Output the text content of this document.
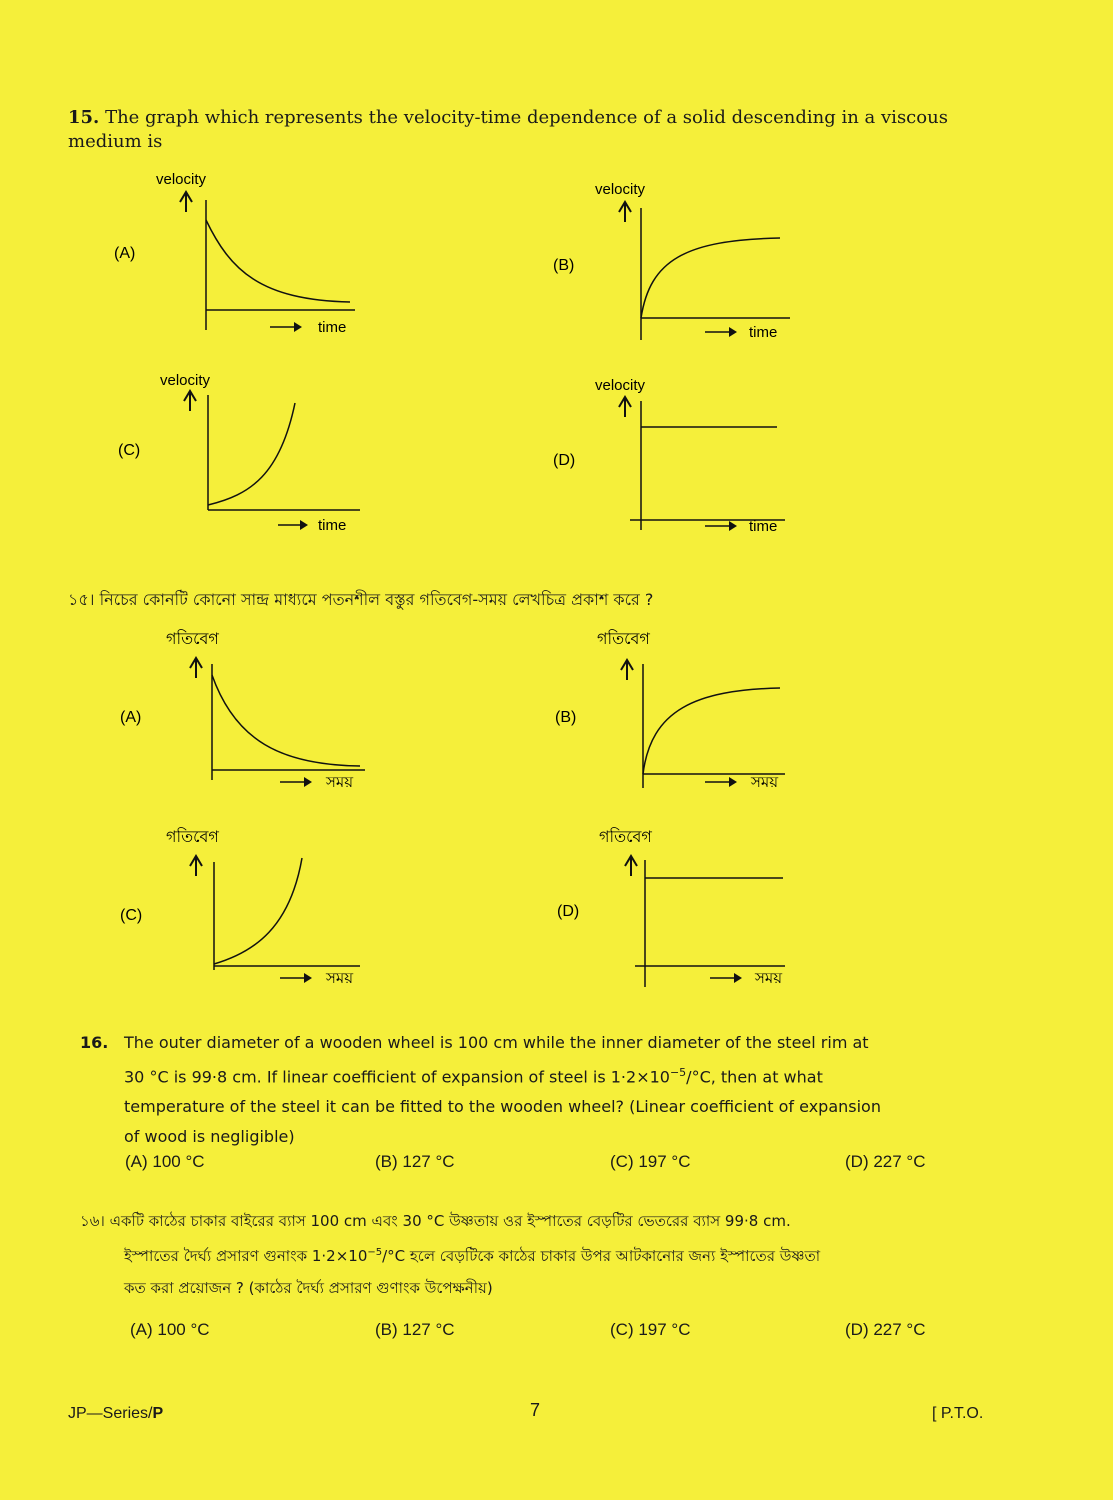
15. The graph which represents the velocity-time dependence of a solid descending in a viscous medium is
velocity
(A)
time
velocity
(B)
time
velocity
(C)
time
velocity
(D)
time
১৫। নিচের কোনটি কোনো সান্দ্র মাধ্যমে পতনশীল বস্তুর গতিবেগ-সময় লেখচিত্র প্রকাশ করে ?
গতিবেগ
(A)
সময়
গতিবেগ
(B)
সময়
গতিবেগ
(C)
সময়
গতিবেগ
(D)
সময়
16. The outer diameter of a wooden wheel is 100 cm while the inner diameter of the steel rim at
30 °C is 99·8 cm. If linear coefficient of expansion of steel is $1\cdot 2\times 10^{-5}/^\circ C$, then at what
temperature of the steel it can be fitted to the wooden wheel? (Linear coefficient of expansion
of wood is negligible)
(A) 100 °C	(B) 127 °C	(C) 197 °C	(D) 227 °C
১৬। একটি কাঠের চাকার বাইরের ব্যাস 100 cm এবং 30 °C উষ্ণতায় ওর ইস্পাতের বেড়টির ভেতরের ব্যাস 99·8 cm.
ইস্পাতের দৈর্ঘ্য প্রসারণ গুনাংক $1\cdot 2\times 10^{-5}/^\circ C$ হলে বেড়টিকে কাঠের চাকার উপর আটকানোর জন্য ইস্পাতের উষ্ণতা
কত করা প্রয়োজন ? (কাঠের দৈর্ঘ্য প্রসারণ গুণাংক উপেক্ষনীয়)
(A) 100 °C	(B) 127 °C	(C) 197 °C	(D) 227 °C
JP—Series/P	7	[ P.T.O.
